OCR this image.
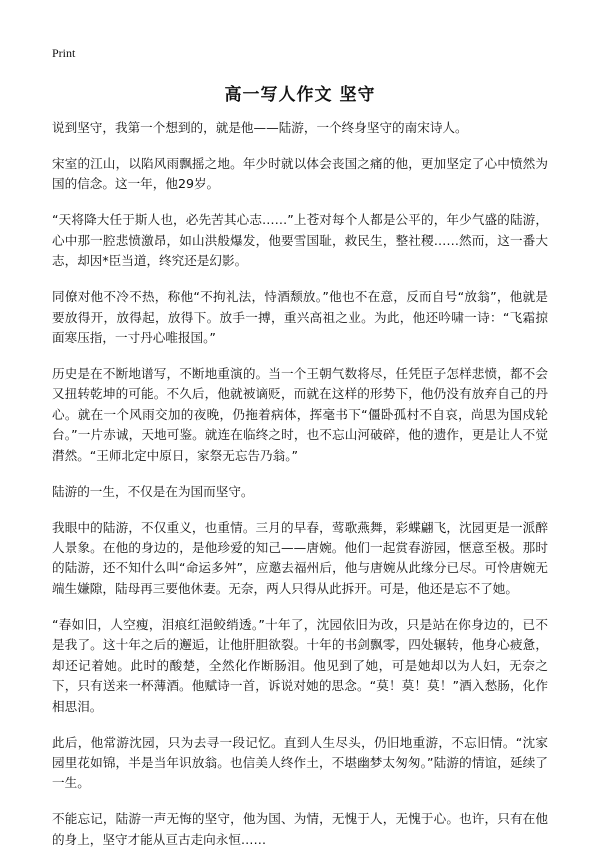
Print
高一写人作文 坚守

说到坚守，我第一个想到的，就是他——陆游，一个终身坚守的南宋诗人。

宋室的江山，以陷风雨飘摇之地。年少时就以体会丧国之痛的他，更加坚定了心中愤然为国的信念。这一年，他29岁。

“天将降大任于斯人也，必先苦其心志……”上苍对每个人都是公平的，年少气盛的陆游，心中那一腔悲愤激昂，如山洪般爆发，他要雪国耻，救民生，整社稷……然而，这一番大志，却因*臣当道，终究还是幻影。

同僚对他不冷不热，称他“不拘礼法，恃酒颓放。”他也不在意，反而自号“放翁”，他就是要放得开，放得起，放得下。放手一搏，重兴高祖之业。为此，他还吟啸一诗：“飞霜掠面寒压指，一寸丹心唯报国。”

历史是在不断地谱写，不断地重演的。当一个王朝气数将尽，任凭臣子怎样悲愤，都不会又扭转乾坤的可能。不久后，他就被谪贬，而就在这样的形势下，他仍没有放弃自己的丹心。就在一个风雨交加的夜晚，仍拖着病体，挥毫书下“僵卧孤村不自哀，尚思为国戍轮台。”一片赤诚，天地可鉴。就连在临终之时，也不忘山河破碎，他的遗作，更是让人不觉潸然。“王师北定中原日，家祭无忘告乃翁。”

陆游的一生，不仅是在为国而坚守。

我眼中的陆游，不仅重义，也重情。三月的早春，莺歌燕舞，彩蝶翩飞，沈园更是一派醉人景象。在他的身边的，是他珍爱的知己——唐婉。他们一起赏春游园，惬意至极。那时的陆游，还不知什么叫“命运多舛”，应邀去福州后，他与唐婉从此缘分已尽。可怜唐婉无端生嫌隙，陆母再三要他休妻。无奈，两人只得从此拆开。可是，他还是忘不了她。

“春如旧，人空瘦，泪痕红浥鲛绡透。”十年了，沈园依旧为改，只是站在你身边的，已不是我了。这十年之后的邂逅，让他肝胆欲裂。十年的书剑飘零，四处辗转，他身心疲惫，却还记着她。此时的酸楚，全然化作断肠泪。他见到了她，可是她却以为人妇，无奈之下，只有送来一杯薄酒。他赋诗一首，诉说对她的思念。“莫！莫！莫！”酒入愁肠，化作相思泪。

此后，他常游沈园，只为去寻一段记忆。直到人生尽头，仍旧地重游，不忘旧情。“沈家园里花如锦，半是当年识放翁。也信美人终作土，不堪幽梦太匆匆。”陆游的情谊，延续了一生。

不能忘记，陆游一声无悔的坚守，他为国、为情，无愧于人，无愧于心。也许，只有在他的身上，坚守才能从亘古走向永恒……
